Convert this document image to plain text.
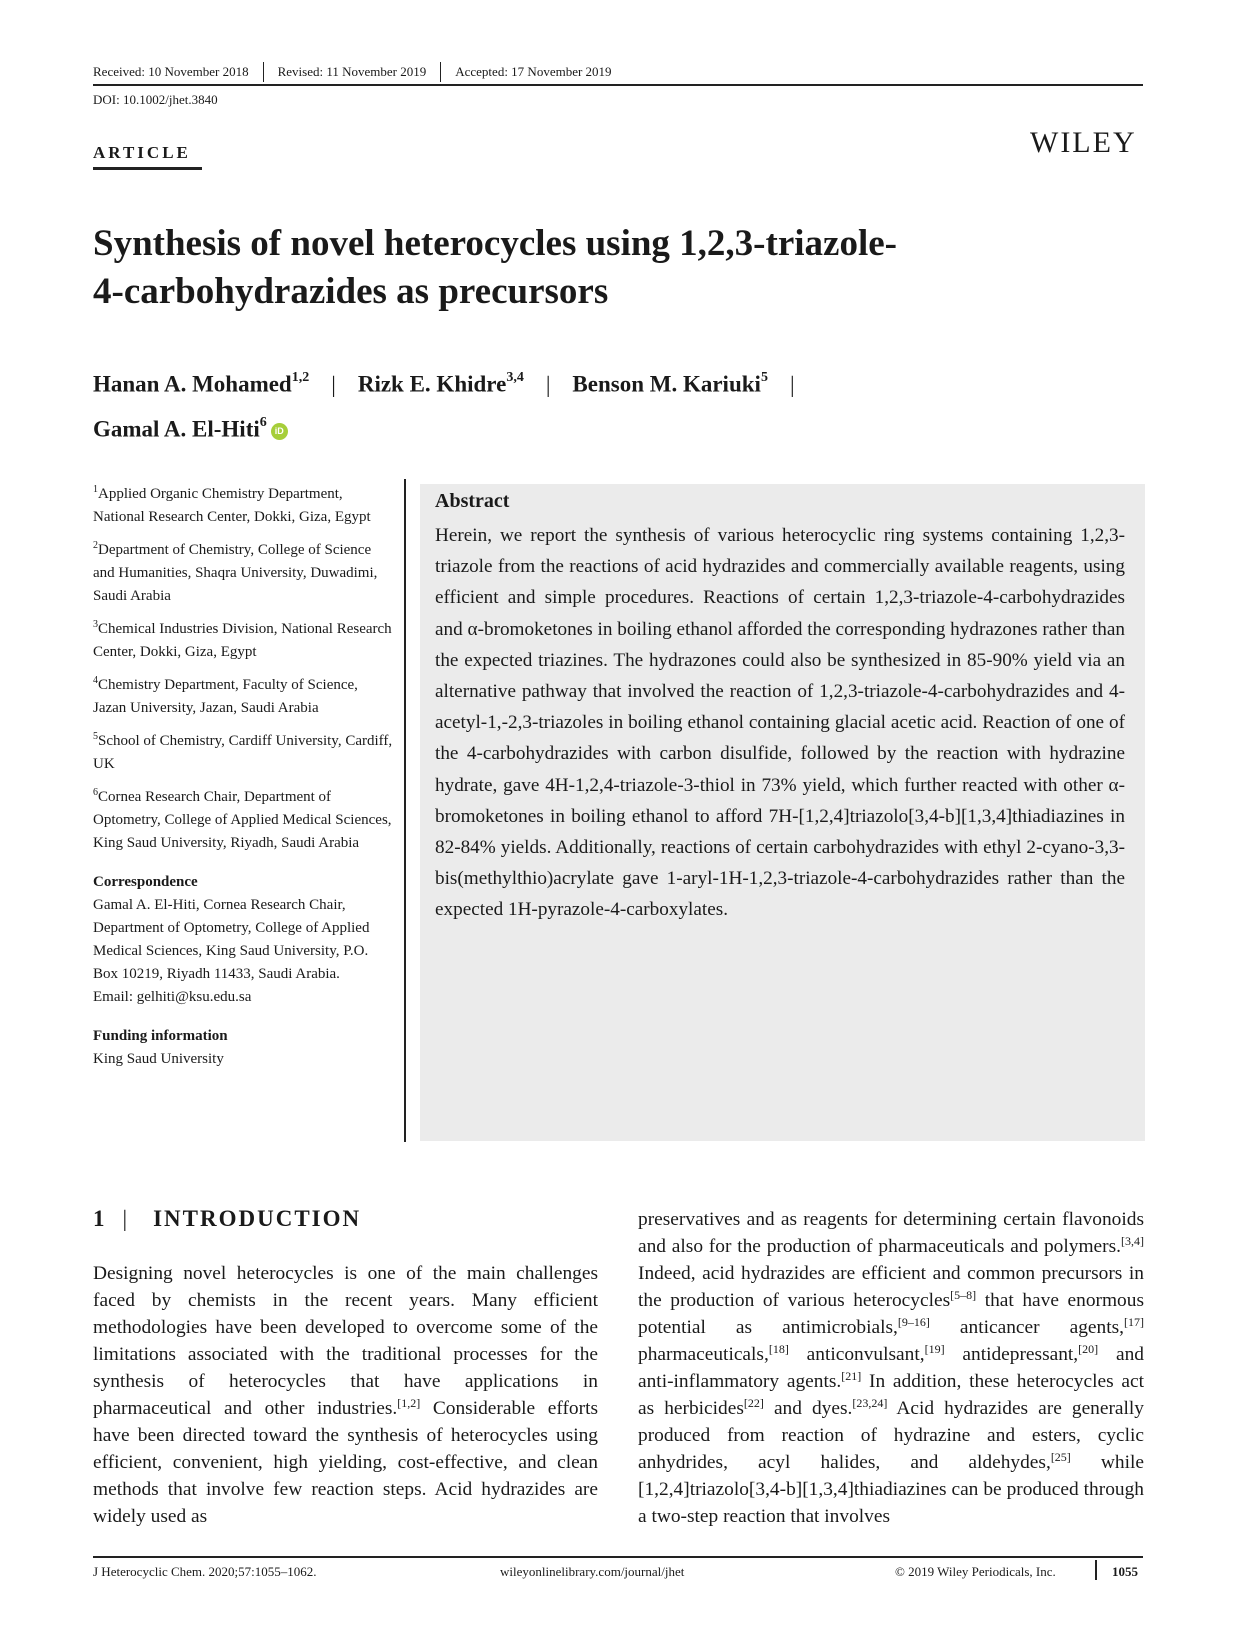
Received: 10 November 2018 Revised: 11 November 2019 Accepted: 17 November 2019
DOI: 10.1002/jhet.3840
ARTICLE	WILEY
Synthesis of novel heterocycles using 1,2,3-triazole-
4-carbohydrazides as precursors
Hanan A. Mohamed$^{1,2}$ | Rizk E. Khidre$^{3,4}$ | Benson M. Kariuki$^5$ |
Gamal A. El-Hiti$^6$iD
$^1$Applied Organic Chemistry Department, National Research Center, Dokki, Giza, Egypt
$^2$Department of Chemistry, College of Science and Humanities, Shaqra University, Duwadimi, Saudi Arabia
$^3$Chemical Industries Division, National Research Center, Dokki, Giza, Egypt
$^4$Chemistry Department, Faculty of Science, Jazan University, Jazan, Saudi Arabia
$^5$School of Chemistry, Cardiff University, Cardiff, UK
$^6$Cornea Research Chair, Department of Optometry, College of Applied Medical Sciences, King Saud University, Riyadh, Saudi Arabia
Correspondence
Gamal A. El-Hiti, Cornea Research Chair, Department of Optometry, College of Applied Medical Sciences, King Saud University, P.O. Box 10219, Riyadh 11433, Saudi Arabia.
Email: gelhiti@ksu.edu.sa
Funding information
King Saud University
Abstract
Herein, we report the synthesis of various heterocyclic ring systems containing 1,2,3-triazole from the reactions of acid hydrazides and commercially available reagents, using efficient and simple procedures. Reactions of certain 1,2,3-triazole-4-carbohydrazides and α-bromoketones in boiling ethanol afforded the corresponding hydrazones rather than the expected triazines. The hydrazones could also be synthesized in 85-90% yield via an alternative pathway that involved the reaction of 1,2,3-triazole-4-carbohydrazides and 4-acetyl-1,-2,3-triazoles in boiling ethanol containing glacial acetic acid. Reaction of one of the 4-carbohydrazides with carbon disulfide, followed by the reaction with hydrazine hydrate, gave 4H-1,2,4-triazole-3-thiol in 73% yield, which further reacted with other α-bromoketones in boiling ethanol to afford 7H-[1,2,4]triazolo[3,4-b][1,3,4]thiadiazines in 82-84% yields. Additionally, reactions of certain carbohydrazides with ethyl 2-cyano-3,3-bis(methylthio)acrylate gave 1-aryl-1H-1,2,3-triazole-4-carbohydrazides rather than the expected 1H-pyrazole-4-carboxylates.
1 | INTRODUCTION
Designing novel heterocycles is one of the main challenges faced by chemists in the recent years. Many efficient methodologies have been developed to overcome some of the limitations associated with the traditional processes for the synthesis of heterocycles that have applications in pharmaceutical and other industries.[1,2] Considerable efforts have been directed toward the synthesis of heterocycles using efficient, convenient, high yielding, cost-effective, and clean methods that involve few reaction steps. Acid hydrazides are widely used as
preservatives and as reagents for determining certain flavonoids and also for the production of pharmaceuticals and polymers.[3,4] Indeed, acid hydrazides are efficient and common precursors in the production of various heterocycles[5–8] that have enormous potential as antimicrobials,[9–16] anticancer agents,[17] pharmaceuticals,[18] anticonvulsant,[19] antidepressant,[20] and anti-inflammatory agents.[21] In addition, these heterocycles act as herbicides[22] and dyes.[23,24] Acid hydrazides are generally produced from reaction of hydrazine and esters, cyclic anhydrides, acyl halides, and aldehydes,[25] while [1,2,4]triazolo[3,4-b][1,3,4]thiadiazines can be produced through a two-step reaction that involves
J Heterocyclic Chem. 2020;57:1055–1062.	wileyonlinelibrary.com/journal/jhet	© 2019 Wiley Periodicals, Inc.	1055
